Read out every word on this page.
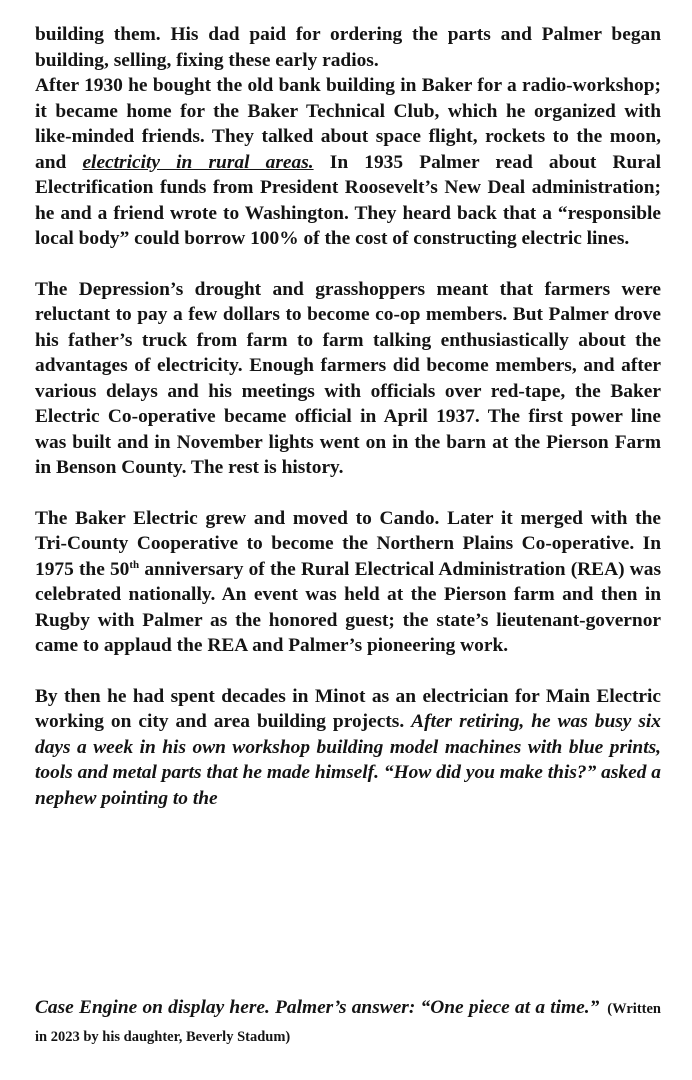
building them. His dad paid for ordering the parts and Palmer began building, selling, fixing these early radios.
After 1930 he bought the old bank building in Baker for a radio-workshop; it became home for the Baker Technical Club, which he organized with like-minded friends. They talked about space flight, rockets to the moon, and electricity in rural areas. In 1935 Palmer read about Rural Electrification funds from President Roosevelt’s New Deal administration; he and a friend wrote to Washington. They heard back that a “responsible local body” could borrow 100% of the cost of constructing electric lines.

The Depression’s drought and grasshoppers meant that farmers were reluctant to pay a few dollars to become co-op members. But Palmer drove his father’s truck from farm to farm talking enthusiastically about the advantages of electricity. Enough farmers did become members, and after various delays and his meetings with officials over red-tape, the Baker Electric Co-operative became official in April 1937. The first power line was built and in November lights went on in the barn at the Pierson Farm in Benson County. The rest is history.

The Baker Electric grew and moved to Cando. Later it merged with the Tri-County Cooperative to become the Northern Plains Co-operative. In 1975 the 50th anniversary of the Rural Electrical Administration (REA) was celebrated nationally. An event was held at the Pierson farm and then in Rugby with Palmer as the honored guest; the state’s lieutenant-governor came to applaud the REA and Palmer’s pioneering work.

By then he had spent decades in Minot as an electrician for Main Electric working on city and area building projects. After retiring, he was busy six days a week in his own workshop building model machines with blue prints, tools and metal parts that he made himself. “How did you make this?” asked a nephew pointing to the

Case Engine on display here. Palmer’s answer: “One piece at a time.” (Written in 2023 by his daughter, Beverly Stadum)
